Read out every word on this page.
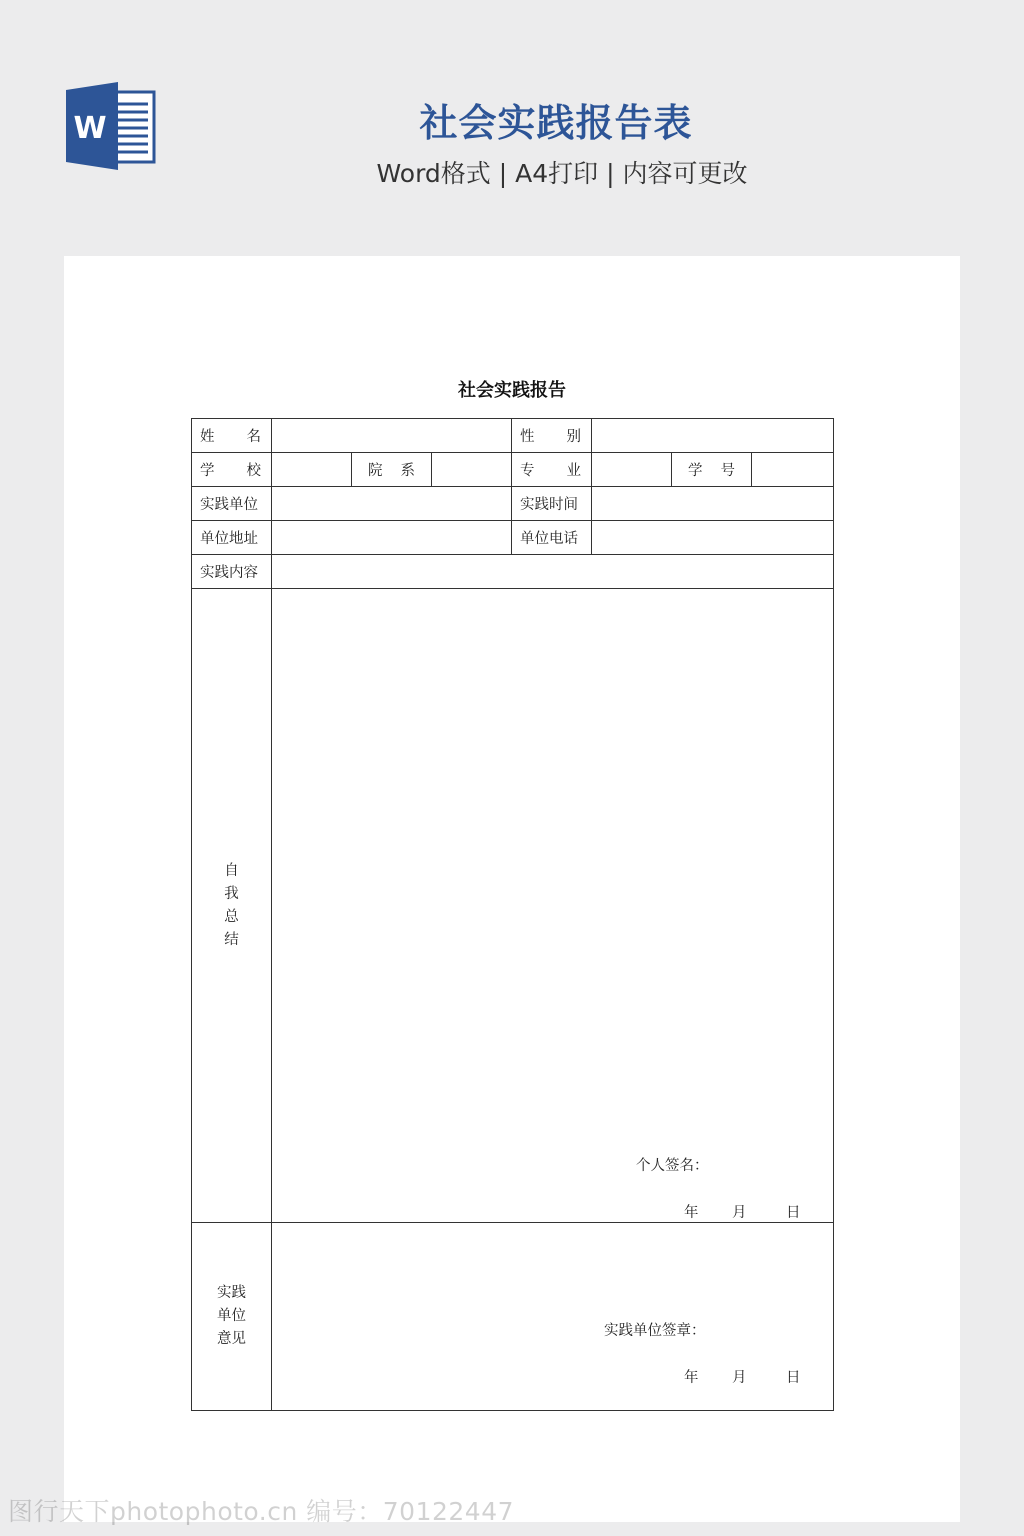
W	社会实践报告表
Word格式 | A4打印 | 内容可更改
社会实践报告
姓 名				性 别			

学 校		院 系		专 业		学 号	

实践单位				实践时间			
单位地址				单位电话			
实践内容							

自
我
总
结	个人签名：
年 月 日						

实践
单位
意见	实践单位签章：
年 月 日						
图行天下photophoto.cn 编号：70122447
